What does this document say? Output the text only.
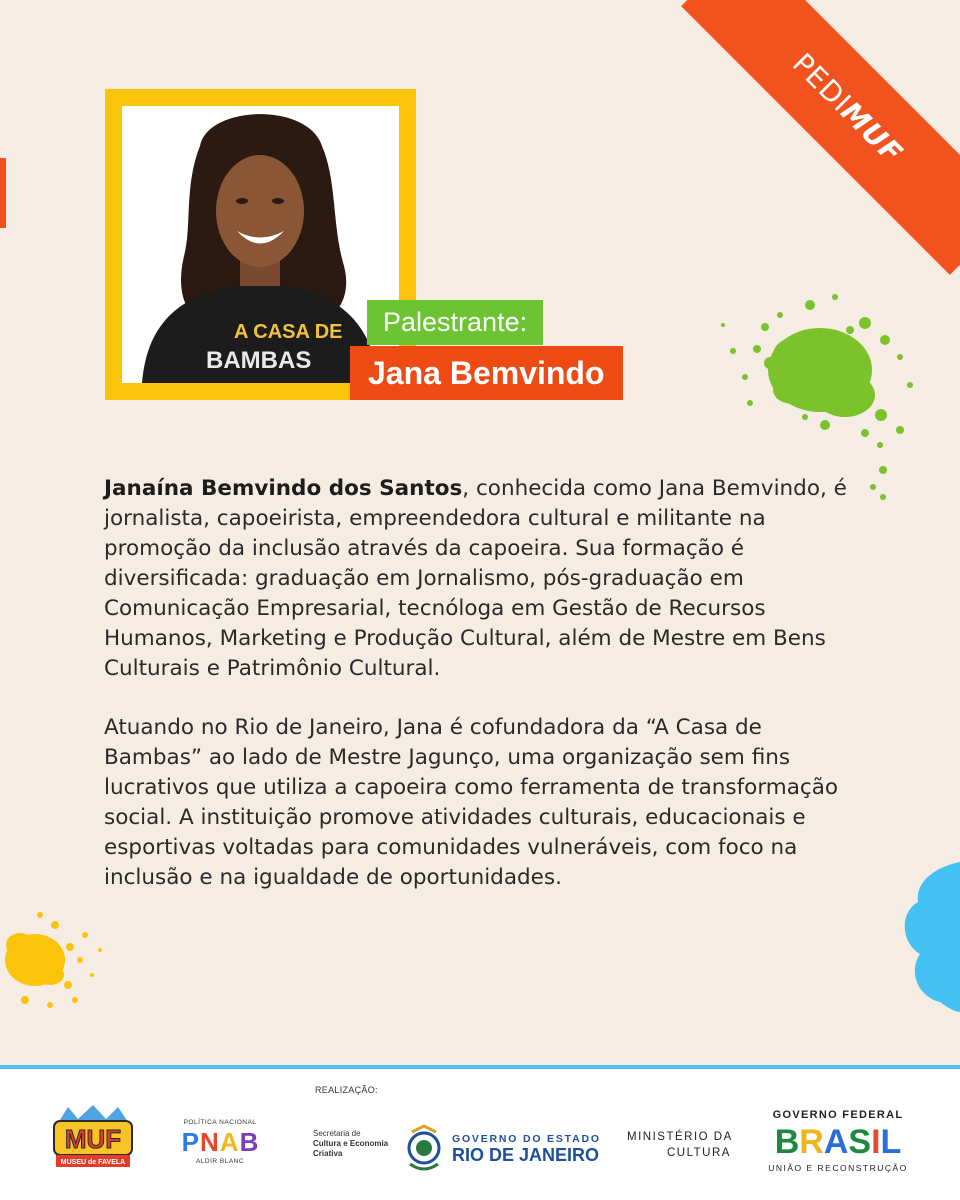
PEDI
MUF
A CASA DE
BAMBAS
Palestrante:
Jana Bemvindo

Janaína Bemvindo dos Santos, conhecida como Jana Bemvindo, é jornalista, capoeirista, empreendedora cultural e militante na promoção da inclusão através da capoeira. Sua formação é diversificada: graduação em Jornalismo, pós-graduação em Comunicação Empresarial, tecnóloga em Gestão de Recursos Humanos, Marketing e Produção Cultural, além de Mestre em Bens Culturais e Patrimônio Cultural.

Atuando no Rio de Janeiro, Jana é cofundadora da “A Casa de Bambas” ao lado de Mestre Jagunço, uma organização sem fins lucrativos que utiliza a capoeira como ferramenta de transformação social. A instituição promove atividades culturais, educacionais e esportivas voltadas para comunidades vulneráveis, com foco na inclusão e na igualdade de oportunidades.

REALIZAÇÃO:
MUF
MUSEU de FAVELA
POLÍTICA NACIONAL
P N A B
ALDIR BLANC
Secretaria de
Cultura e Economia
Criativa
GOVERNO DO ESTADO
RIO DE JANEIRO
MINISTÉRIO DA
CULTURA
GOVERNO FEDERAL
B R A S I L
UNIÃO E RECONSTRUÇÃO
